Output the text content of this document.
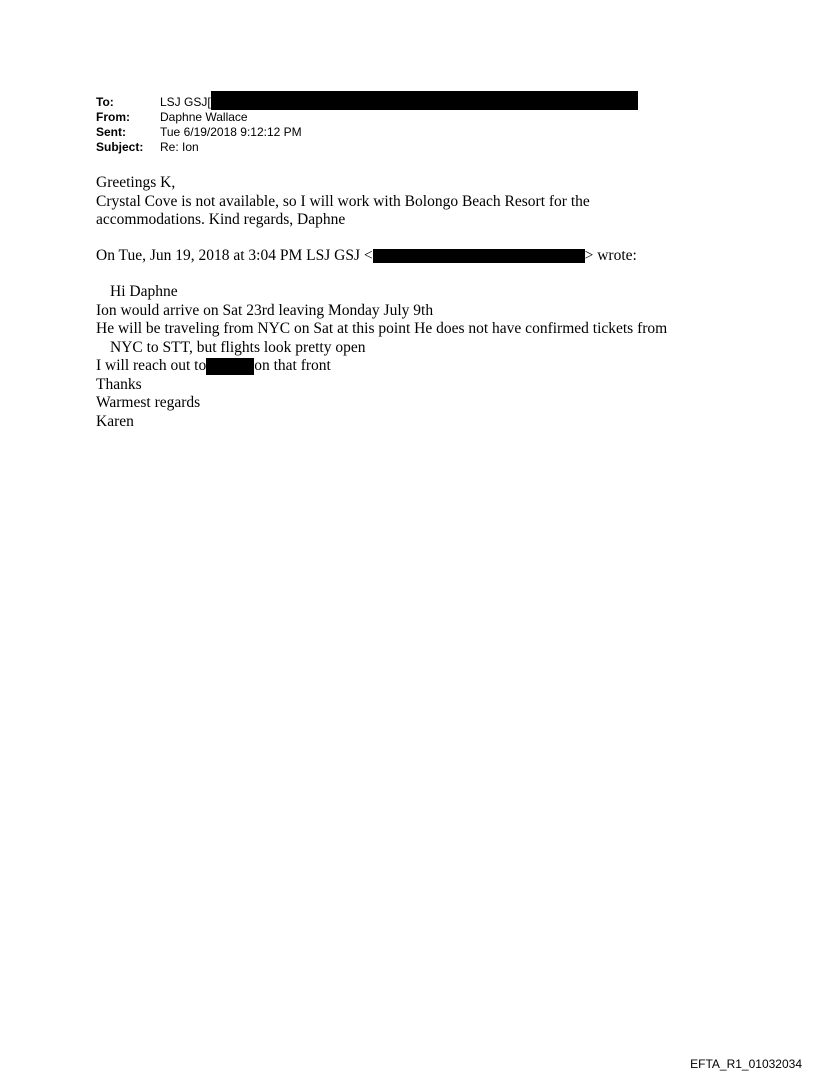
To:	LSJ GSJ[
From:	Daphne Wallace
Sent:	Tue 6/19/2018 9:12:12 PM
Subject:	Re: Ion
Greetings K,
Crystal Cove is not available, so I will work with Bolongo Beach Resort for the
accommodations. Kind regards, Daphne
On Tue, Jun 19, 2018 at 3:04 PM LSJ GSJ <	> wrote:
Hi Daphne
Ion would arrive on Sat 23rd leaving Monday July 9th
He will be traveling from NYC on Sat at this point He does not have confirmed tickets from
NYC to STT, but flights look pretty open
I will reach out to	on that front
Thanks
Warmest regards
Karen
EFTA_R1_01032034
